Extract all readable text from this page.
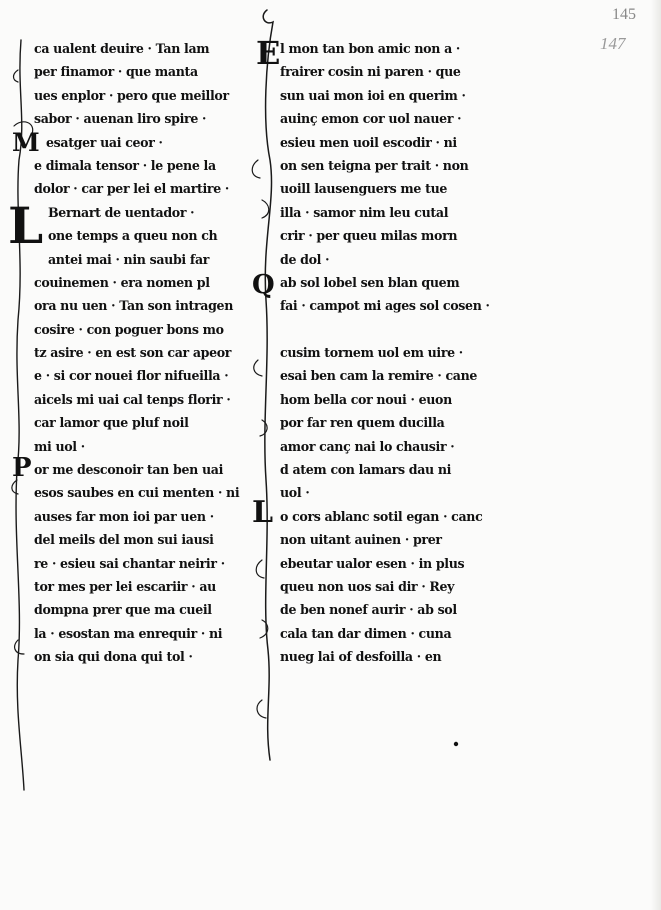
145
147
M
L
P
E
Q
L
ca ualent deuire · Tan lam
per finamor · que manta
ues enplor · pero que meillor
sabor · auenan liro spire ·
esatger uai ceor ·
e dimala tensor · le pene la
dolor · car per lei el martire ·
Bernart de uentador ·
one temps a queu non ch
antei mai · nin saubi far
couinemen · era nomen pl
ora nu uen · Tan son intragen
cosire · con poguer bons mo
tz asire · en est son car apeor
e · si cor nouei flor nifueilla ·
aicels mi uai cal tenps florir ·
car lamor que pluf noil
mi uol ·
or me desconoir tan ben uai
esos saubes en cui menten · ni
auses far mon ioi par uen ·
del meils del mon sui iausi
re · esieu sai chantar neirir ·
tor mes per lei escariir · au
dompna prer que ma cueil
la · esostan ma enrequir · ni
on sia qui dona qui tol ·
l mon tan bon amic non a ·
frairer cosin ni paren · que
sun uai mon ioi en querim ·
auinç emon cor uol nauer ·
esieu men uoil escodir · ni
on sen teigna per trait · non
uoill lausenguers me tue
illa · samor nim leu cutal
crir · per queu milas morn
de dol ·
ab sol lobel sen blan quem
fai · campot mi ages sol cosen ·
cusim tornem uol em uire ·
esai ben cam la remire · cane
hom bella cor noui · euon
por far ren quem ducilla
amor canç nai lo chausir ·
d atem con lamars dau ni
uol ·
o cors ablanc sotil egan · canc
non uitant auinen · prer
ebeutar ualor esen · in plus
queu non uos sai dir · Rey
de ben nonef aurir · ab sol
cala tan dar dimen · cuna
nueg lai of desfoilla · en
